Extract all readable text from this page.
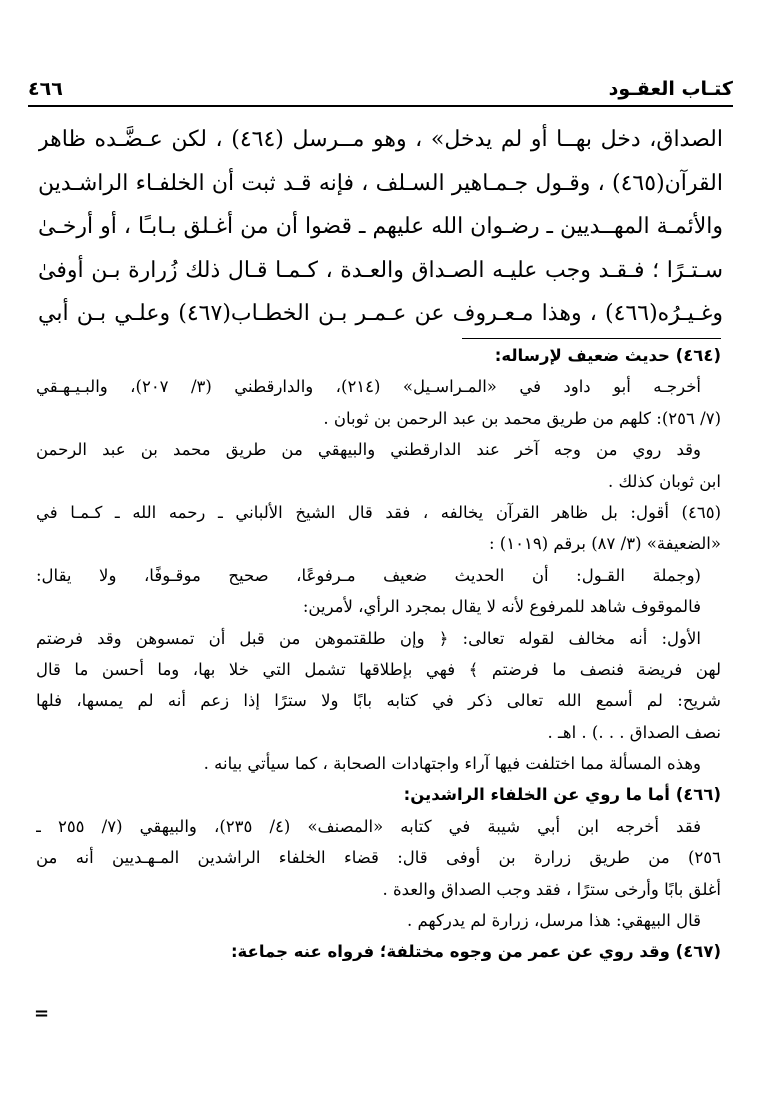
كتـاب العقـود
٤٦٦
الصداق، دخل بهــا أو لم يدخل» ، وهو مــرسل (٤٦٤) ، لكن عـضَّـده ظاهر
القرآن(٤٦٥) ، وقـول جـمـاهير السـلف ، فإنه قـد ثبت أن الخلفـاء الراشـدين
والأئمـة المهــديين ـ رضـوان الله عليهم ـ قضوا أن من أغـلق بـابـًا ، أو أرخـىٰ
سـتـرًا ؛ فـقـد وجب عليـه الصـداق والعـدة ، كـمـا قـال ذلك زُرارة بـن أوفىٰ
وغـيـرُه(٤٦٦) ، وهذا مـعـروف عن عـمـر بـن الخطـاب(٤٦٧) وعلـي بـن أبي
(٤٦٤) حديث ضعيف لإرساله:
أخرجـه أبو داود في «المـراسـيل» (٢١٤)، والدارقطني (٣/ ٢٠٧)، والبـيـهـقي
(٧/ ٢٥٦): كلهم من طريق محمد بن عبد الرحمن بن ثوبان .
وقد روي من وجه آخر عند الدارقطني والبيهقي من طريق محمد بن عبد الرحمن
ابن ثوبان كذلك .
(٤٦٥) أقول: بل ظاهر القرآن يخالفه ، فقد قال الشيخ الألباني ـ رحمه الله ـ كـمـا في
«الضعيفة» (٣/ ٨٧) برقم (١٠١٩) :
(وجملة القـول: أن الحديث ضعيف مـرفوعًا، صحيح موقـوفًا، ولا يقال:
فالموقوف شاهد للمرفوع لأنه لا يقال بمجرد الرأي، لأمرين:
الأول: أنه مخالف لقوله تعالى: ﴿ وإن طلقتموهن من قبل أن تمسوهن وقد فرضتم
لهن فريضة فنصف ما فرضتم ﴾ فهي بإطلاقها تشمل التي خلا بها، وما أحسن ما قال
شريح: لم أسمع الله تعالى ذكر في كتابه بابًا ولا سترًا إذا زعم أنه لم يمسها، فلها
نصف الصداق . . .) . اهـ .
وهذه المسألة مما اختلفت فيها آراء واجتهادات الصحابة ، كما سيأتي بيانه .
(٤٦٦) أما ما روي عن الخلفاء الراشدين:
فقد أخرجه ابن أبي شيبة في كتابه «المصنف» (٤/ ٢٣٥)، والبيهقي (٧/ ٢٥٥ ـ
٢٥٦) من طريق زرارة بن أوفى قال: قضاء الخلفاء الراشدين المـهـديين أنه من
أغلق بابًا وأرخى سترًا ، فقد وجب الصداق والعدة .
قال البيهقي: هذا مرسل، زرارة لم يدركهم .
(٤٦٧) وقد روي عن عمر من وجوه مختلفة؛ فرواه عنه جماعة:
=
